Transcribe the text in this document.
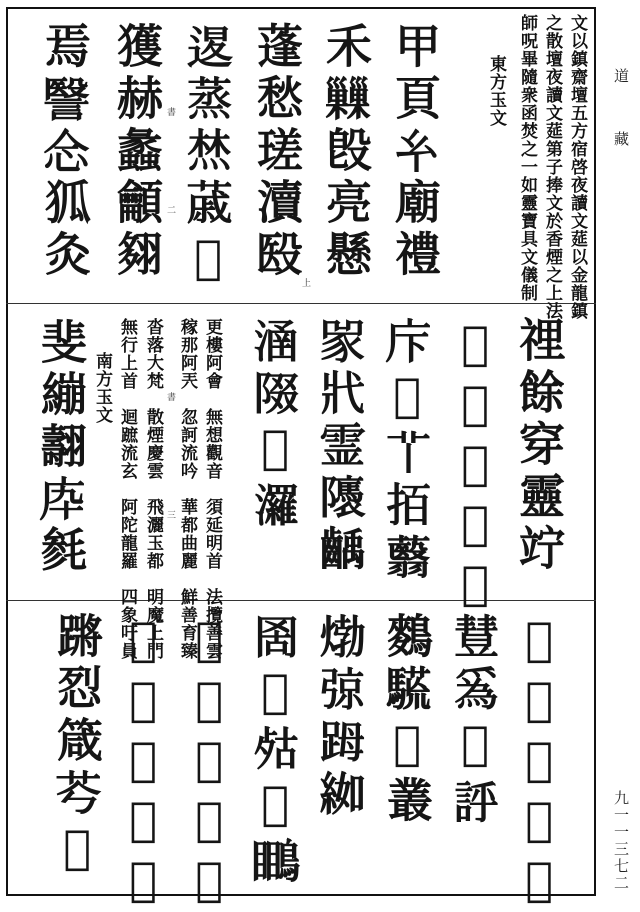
道　　藏
九一一三七二
文以鎮齋壇五方宿啓夜讀文莚以金龍鎮
之散壇夜讀文莚第子捧文於香煙之上法
師呪畢隨衆函焚之一如靈寶具文儀制
東方玉文
甲頁𢆯廟禮
禾𢀌𣪘亮懸
蓬愁瑳瀆殹
𨓤蒸㷊𦸗𧇊
獲赫蠡龥翗
焉𧫦𢗁狐灸	書
二
上
𥚃餘穿靈竚
𠇶豥狳蕼𢾛
𢇗𦏁𦫳𢫦蘙
𧰽𢍿霊𨽖齲
𣹢𨺝𢀏𤄷
更樓阿會　無想觀音　須延明首　法攬善雲
稼那阿兲　忽訶流吟　華都曲麗　鮮善育臻
沓落大梵　散煙慶雲　飛灑玉都　明魔上門
無行上首　迴蹠流玄　阿陀龍羅　四象吁員
南方玉文
斐繃翿𢇥毵	書
三
𨼸蒢瑎𨑳逕
𣍈𤔡𦀴𧦝
𪄳𩥒𩓵叢
𤊹弶𧿹𦀌
𦊖𨑖𣧮𢿜𪄊
𢈪𩱓𢔊羸𦬙
𤶊𨑖𣼞㱃𩓵
蹡㤠箴𦬉𧤧
